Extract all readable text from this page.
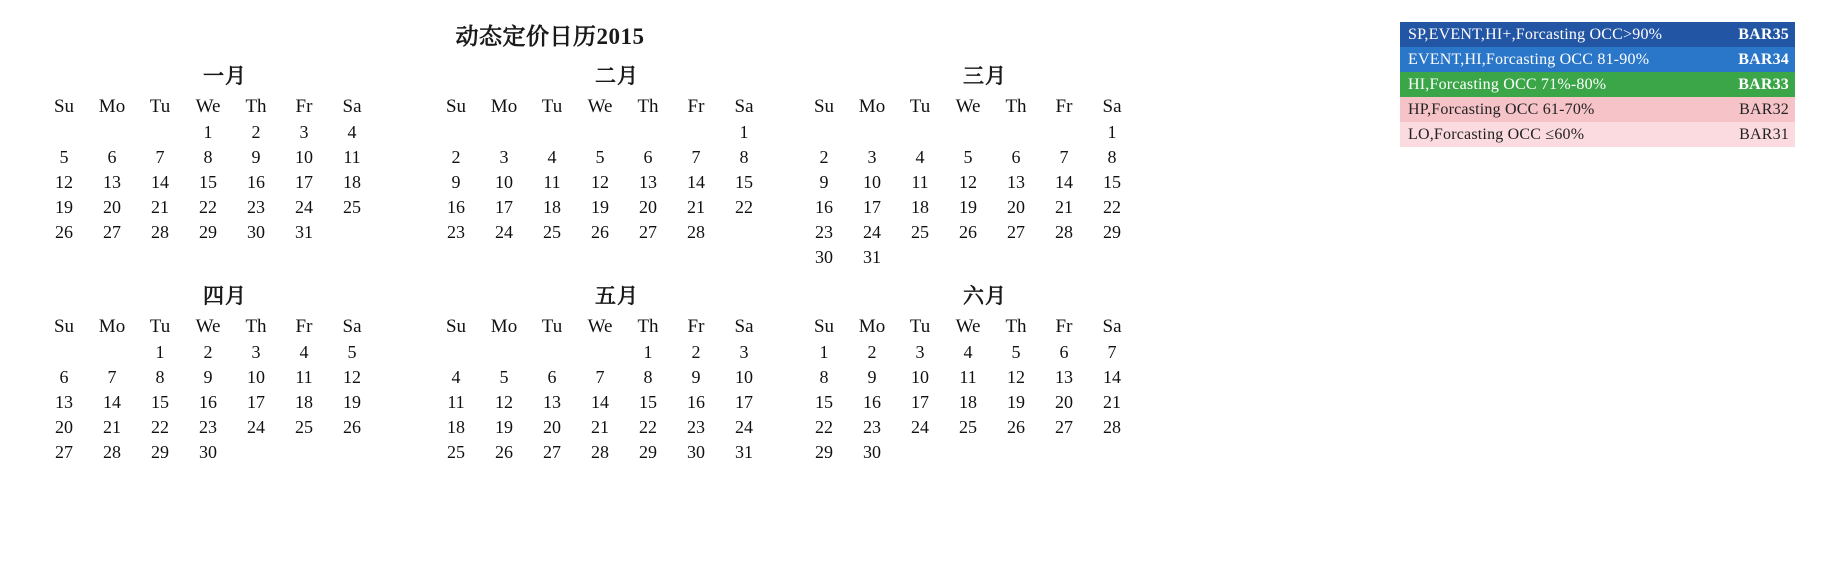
动态定价日历2015
一月
Su	Mo	Tu	We	Th	Fr	Sa
			1	2	3	4
5	6	7	8	9	10	11
12	13	14	15	16	17	18
19	20	21	22	23	24	25
26	27	28	29	30	31	
二月
Su	Mo	Tu	We	Th	Fr	Sa
						1
2	3	4	5	6	7	8
9	10	11	12	13	14	15
16	17	18	19	20	21	22
23	24	25	26	27	28	
三月
Su	Mo	Tu	We	Th	Fr	Sa
						1
2	3	4	5	6	7	8
9	10	11	12	13	14	15
16	17	18	19	20	21	22
23	24	25	26	27	28	29
30	31					
四月
Su	Mo	Tu	We	Th	Fr	Sa
		1	2	3	4	5
6	7	8	9	10	11	12
13	14	15	16	17	18	19
20	21	22	23	24	25	26
27	28	29	30			
五月
Su	Mo	Tu	We	Th	Fr	Sa
				1	2	3
4	5	6	7	8	9	10
11	12	13	14	15	16	17
18	19	20	21	22	23	24
25	26	27	28	29	30	31
六月
Su	Mo	Tu	We	Th	Fr	Sa
1	2	3	4	5	6	7
8	9	10	11	12	13	14
15	16	17	18	19	20	21
22	23	24	25	26	27	28
29	30					
SP,EVENT,HI+,Forcasting OCC>90%	BAR35
EVENT,HI,Forcasting OCC 81-90%	BAR34
HI,Forcasting OCC 71%-80%	BAR33
HP,Forcasting OCC 61-70%	BAR32
LO,Forcasting OCC ≤60%	BAR31
